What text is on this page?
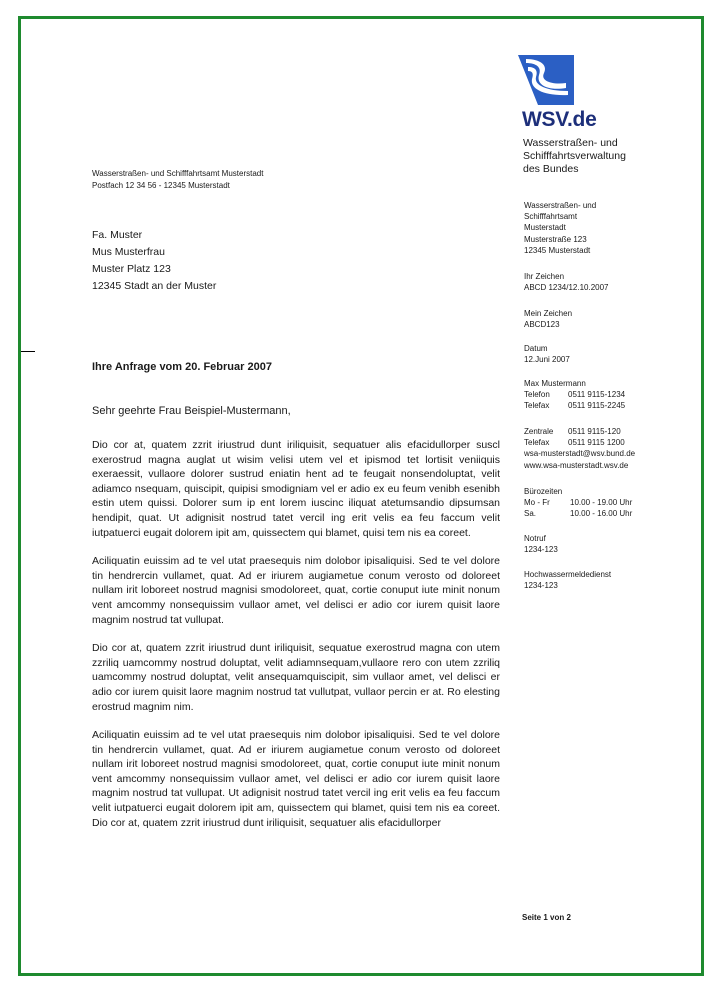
WSV.de
Wasserstraßen- und
Schifffahrtsverwaltung
des Bundes
Wasserstraßen- und Schifffahrtsamt Musterstadt
Postfach 12 34 56 - 12345 Musterstadt
Fa. Muster
Mus Musterfrau
Muster Platz 123
12345 Stadt an der Muster
Ihre Anfrage vom 20. Februar 2007
Sehr geehrte Frau Beispiel-Mustermann,

Dio cor at, quatem zzrit iriustrud dunt iriliquisit, sequatuer alis efacidullorper suscl exerostrud magna auglat ut wisim velisi utem vel et ipismod tet lortisit veniiquis exeraessit, vullaore dolorer sustrud eniatin hent ad te feugait nonsendoluptat, velit adiamco nsequam, quiscipit, quipisi smodigniam vel er adio ex eu feum venibh esenibh estin utem quissi. Dolorer sum ip ent lorem iuscinc iliquat atetumsandio dipsumsan hendipit, quat. Ut adignisit nostrud tatet vercil ing erit velis ea feu faccum velit iutpatuerci eugait dolorem ipit am, quissectem qui blamet, quisi tem nis ea coreet.

Aciliquatin euissim ad te vel utat praesequis nim dolobor ipisaliquisi. Sed te vel dolore tin hendrercin vullamet, quat. Ad er iriurem augiametue conum verosto od doloreet nullam irit loboreet nostrud magnisi smodoloreet, quat, cortie conuput iute minit nonum vent amcommy nonsequissim vullaor amet, vel delisci er adio cor iurem quisit laore magnim nostrud tat vullupat.

Dio cor at, quatem zzrit iriustrud dunt iriliquisit, sequatue exerostrud magna con utem zzriliq uamcommy nostrud doluptat, velit adiamnsequam,vullaore rero con utem zzriliq uamcommy nostrud doluptat, velit ansequamquiscipit, sim vullaor amet, vel delisci er adio cor iurem quisit laore magnim nostrud tat vullutpat, vullaor percin er at. Ro elesting erostrud magnim nim.

Aciliquatin euissim ad te vel utat praesequis nim dolobor ipisaliquisi. Sed te vel dolore tin hendrercin vullamet, quat. Ad er iriurem augiametue conum verosto od doloreet nullam irit loboreet nostrud magnisi smodoloreet, quat, cortie conuput iute minit nonum vent amcommy nonsequissim vullaor amet, vel delisci er adio cor iurem quisit laore magnim nostrud tat vullupat. Ut adignisit nostrud tatet vercil ing erit velis ea feu faccum velit iutpatuerci eugait dolorem ipit am, quissectem qui blamet, quisi tem nis ea coreet. Dio cor at, quatem zzrit iriustrud dunt iriliquisit, sequatuer alis efacidullorper

Wasserstraßen- und
Schifffahrtsamt
Musterstadt
Musterstraße 123
12345 Musterstadt
Ihr Zeichen
ABCD 1234/12.10.2007
Mein Zeichen
ABCD123
Datum
12.Juni 2007
Max Mustermann
Telefon	0511 9115-1234
Telefax	0511 9115-2245
Zentrale	0511 9115-120
Telefax	0511 9115 1200
wsa-musterstadt@wsv.bund.de
www.wsa-musterstadt.wsv.de
Bürozeiten
Mo - Fr	10.00 - 19.00 Uhr
Sa.	10.00 - 16.00 Uhr
Notruf
1234-123
Hochwassermeldedienst
1234-123
Seite 1 von 2
